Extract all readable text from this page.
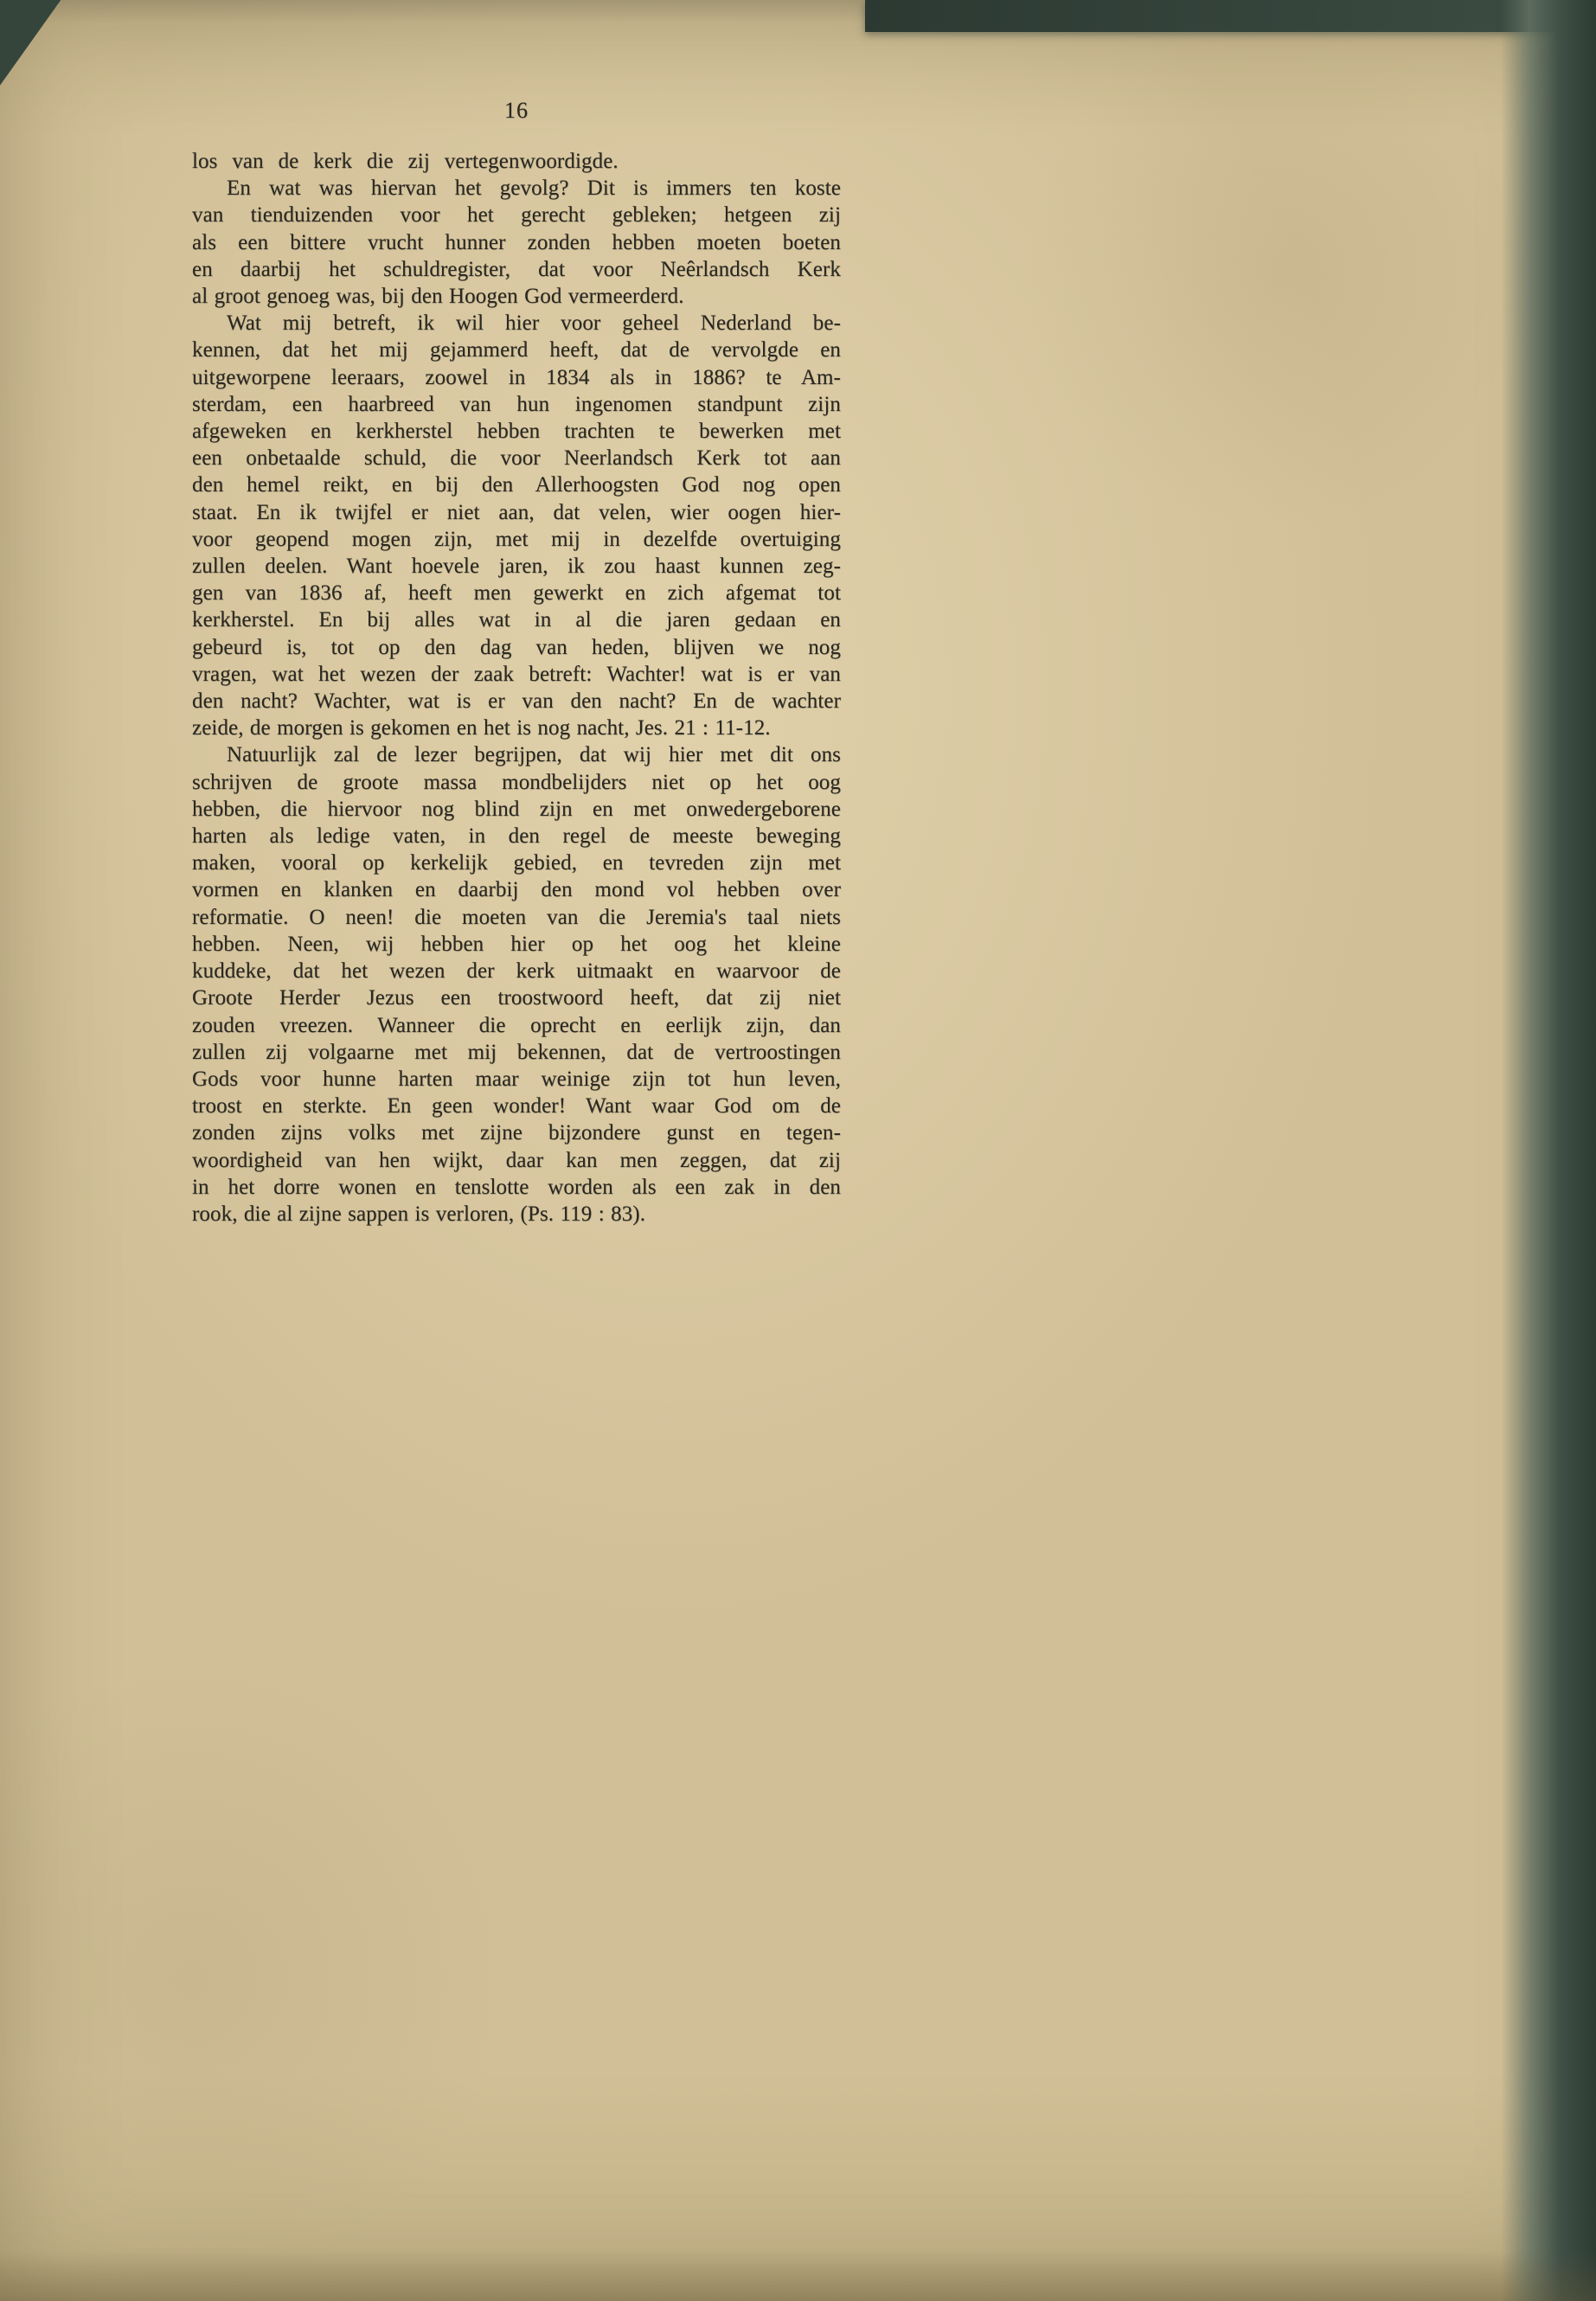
16
los van de kerk die zij vertegenwoordigde.
En wat was hiervan het gevolg? Dit is immers ten koste
van tienduizenden voor het gerecht gebleken; hetgeen zij
als een bittere vrucht hunner zonden hebben moeten boeten
en daarbij het schuldregister, dat voor Neêrlandsch Kerk
al groot genoeg was, bij den Hoogen God vermeerderd.
Wat mij betreft, ik wil hier voor geheel Nederland be-
kennen, dat het mij gejammerd heeft, dat de vervolgde en
uitgeworpene leeraars, zoowel in 1834 als in 1886? te Am-
sterdam, een haarbreed van hun ingenomen standpunt zijn
afgeweken en kerkherstel hebben trachten te bewerken met
een onbetaalde schuld, die voor Neerlandsch Kerk tot aan
den hemel reikt, en bij den Allerhoogsten God nog open
staat. En ik twijfel er niet aan, dat velen, wier oogen hier-
voor geopend mogen zijn, met mij in dezelfde overtuiging
zullen deelen. Want hoevele jaren, ik zou haast kunnen zeg-
gen van 1836 af, heeft men gewerkt en zich afgemat tot
kerkherstel. En bij alles wat in al die jaren gedaan en
gebeurd is, tot op den dag van heden, blijven we nog
vragen, wat het wezen der zaak betreft: Wachter! wat is er van
den nacht? Wachter, wat is er van den nacht? En de wachter
zeide, de morgen is gekomen en het is nog nacht, Jes. 21 : 11-12.
Natuurlijk zal de lezer begrijpen, dat wij hier met dit ons
schrijven de groote massa mondbelijders niet op het oog
hebben, die hiervoor nog blind zijn en met onwedergeborene
harten als ledige vaten, in den regel de meeste beweging
maken, vooral op kerkelijk gebied, en tevreden zijn met
vormen en klanken en daarbij den mond vol hebben over
reformatie. O neen! die moeten van die Jeremia's taal niets
hebben. Neen, wij hebben hier op het oog het kleine
kuddeke, dat het wezen der kerk uitmaakt en waarvoor de
Groote Herder Jezus een troostwoord heeft, dat zij niet
zouden vreezen. Wanneer die oprecht en eerlijk zijn, dan
zullen zij volgaarne met mij bekennen, dat de vertroostingen
Gods voor hunne harten maar weinige zijn tot hun leven,
troost en sterkte. En geen wonder! Want waar God om de
zonden zijns volks met zijne bijzondere gunst en tegen-
woordigheid van hen wijkt, daar kan men zeggen, dat zij
in het dorre wonen en tenslotte worden als een zak in den
rook, die al zijne sappen is verloren, (Ps. 119 : 83).
